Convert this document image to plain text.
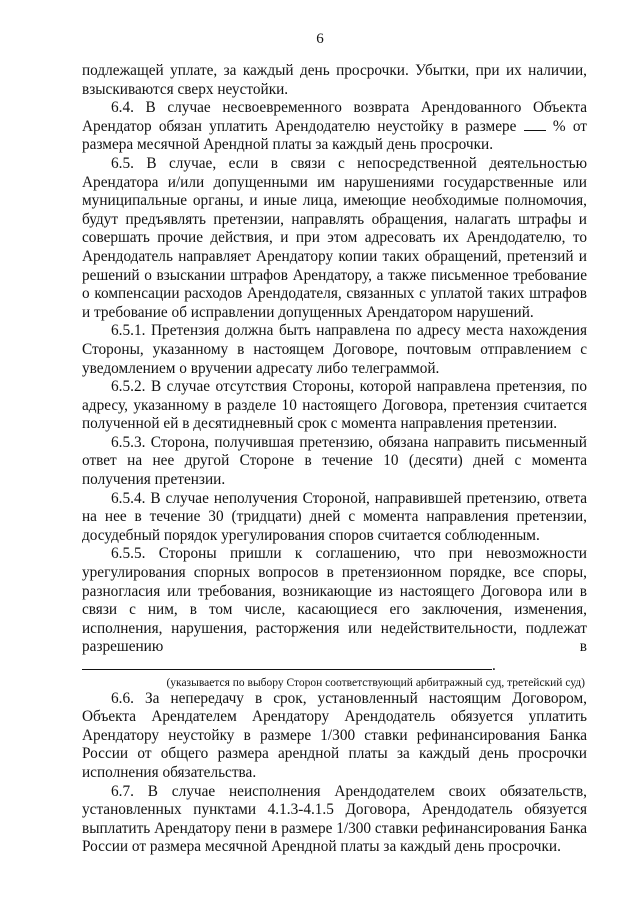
6

подлежащей уплате, за каждый день просрочки. Убытки, при их наличии, взыскиваются сверх неустойки.

6.4. В случае несвоевременного возврата Арендованного Объекта Арендатор обязан уплатить Арендодателю неустойку в размере  % от размера месячной Арендной платы за каждый день просрочки.

6.5. В случае, если в связи с непосредственной деятельностью Арендатора и/или допущенными им нарушениями государственные или муниципальные органы, и иные лица, имеющие необходимые полномочия, будут предъявлять претензии, направлять обращения, налагать штрафы и совершать прочие действия, и при этом адресовать их Арендодателю, то Арендодатель направляет Арендатору копии таких обращений, претензий и решений о взыскании штрафов Арендатору, а также письменное требование о компенсации расходов Арендодателя, связанных с уплатой таких штрафов и требование об исправлении допущенных Арендатором нарушений.

6.5.1. Претензия должна быть направлена по адресу места нахождения Стороны, указанному в настоящем Договоре, почтовым отправлением с уведомлением о вручении адресату либо телеграммой.

6.5.2. В случае отсутствия Стороны, которой направлена претензия, по адресу, указанному в разделе 10 настоящего Договора, претензия считается полученной ей в десятидневный срок с момента направления претензии.

6.5.3. Сторона, получившая претензию, обязана направить письменный ответ на нее другой Стороне в течение 10 (десяти) дней с момента получения претензии.

6.5.4. В случае неполучения Стороной, направившей претензию, ответа на нее в течение 30 (тридцати) дней с момента направления претензии, досудебный порядок урегулирования споров считается соблюденным.

6.5.5. Стороны пришли к соглашению, что при невозможности урегулирования спорных вопросов в претензионном порядке, все споры, разногласия или требования, возникающие из настоящего Договора или в связи с ним, в том числе, касающиеся его заключения, изменения, исполнения, нарушения, расторжения или недействительности, подлежат разрешению в .

(указывается по выбору Сторон соответствующий арбитражный суд, третейский суд)

6.6. За непередачу в срок, установленный настоящим Договором, Объекта Арендателем Арендатору Арендодатель обязуется уплатить Арендатору неустойку в размере 1/300 ставки рефинансирования Банка России от общего размера арендной платы за каждый день просрочки исполнения обязательства.

6.7. В случае неисполнения Арендодателем своих обязательств, установленных пунктами 4.1.3-4.1.5 Договора, Арендодатель обязуется выплатить Арендатору пени в размере 1/300 ставки рефинансирования Банка России от размера месячной Арендной платы за каждый день просрочки.
